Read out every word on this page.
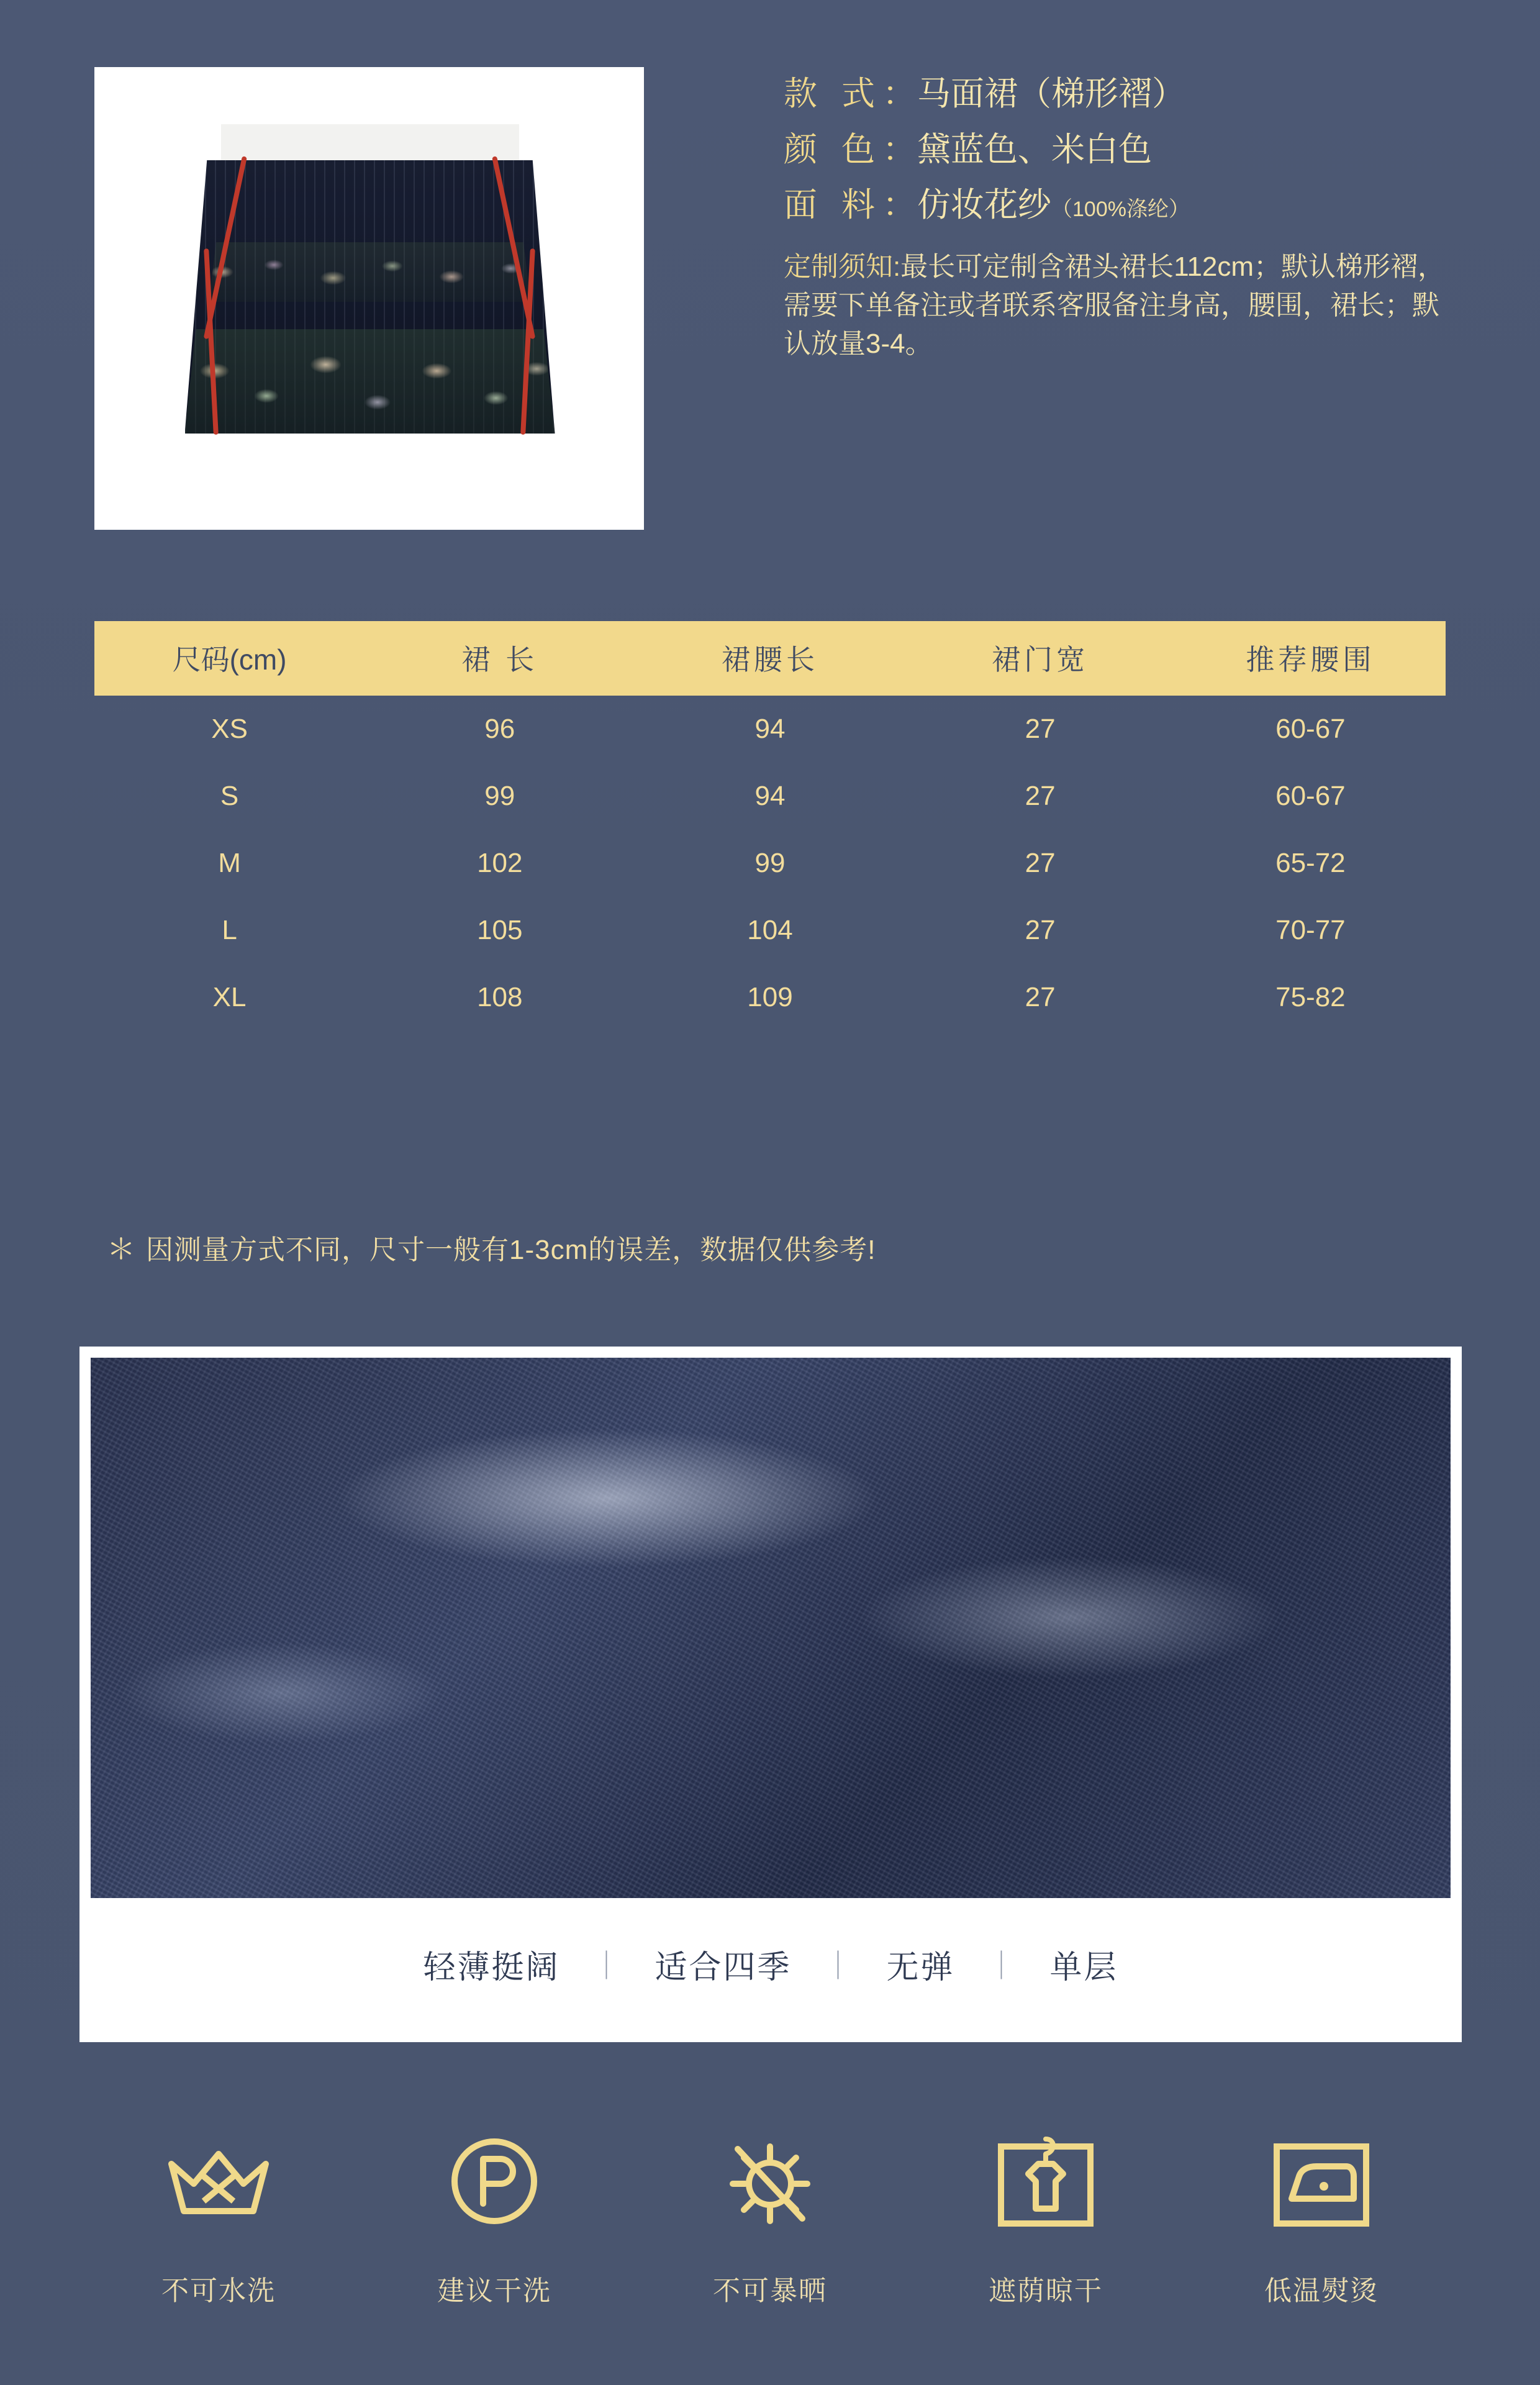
款 式 ： 马面裙（梯形褶）
颜 色 ： 黛蓝色、米白色
面 料 ： 仿妆花纱 （100%涤纶）
定制须知:最长可定制含裙头裙长112cm；默认梯形褶，需要下单备注或者联系客服备注身高，腰围，裙长；默认放量3-4。
尺码(cm)	裙 长	裙腰长	裙门宽	推荐腰围
XS	96	94	27	60-67
S	99	94	27	60-67
M	102	99	27	65-72
L	105	104	27	70-77
XL	108	109	27	75-82
＊ 因测量方式不同，尺寸一般有1-3cm的误差，数据仅供参考!
轻薄挺阔	｜	适合四季	｜	无弹	｜	单层
不可水洗	建议干洗	不可暴晒	遮荫晾干	低温熨烫
